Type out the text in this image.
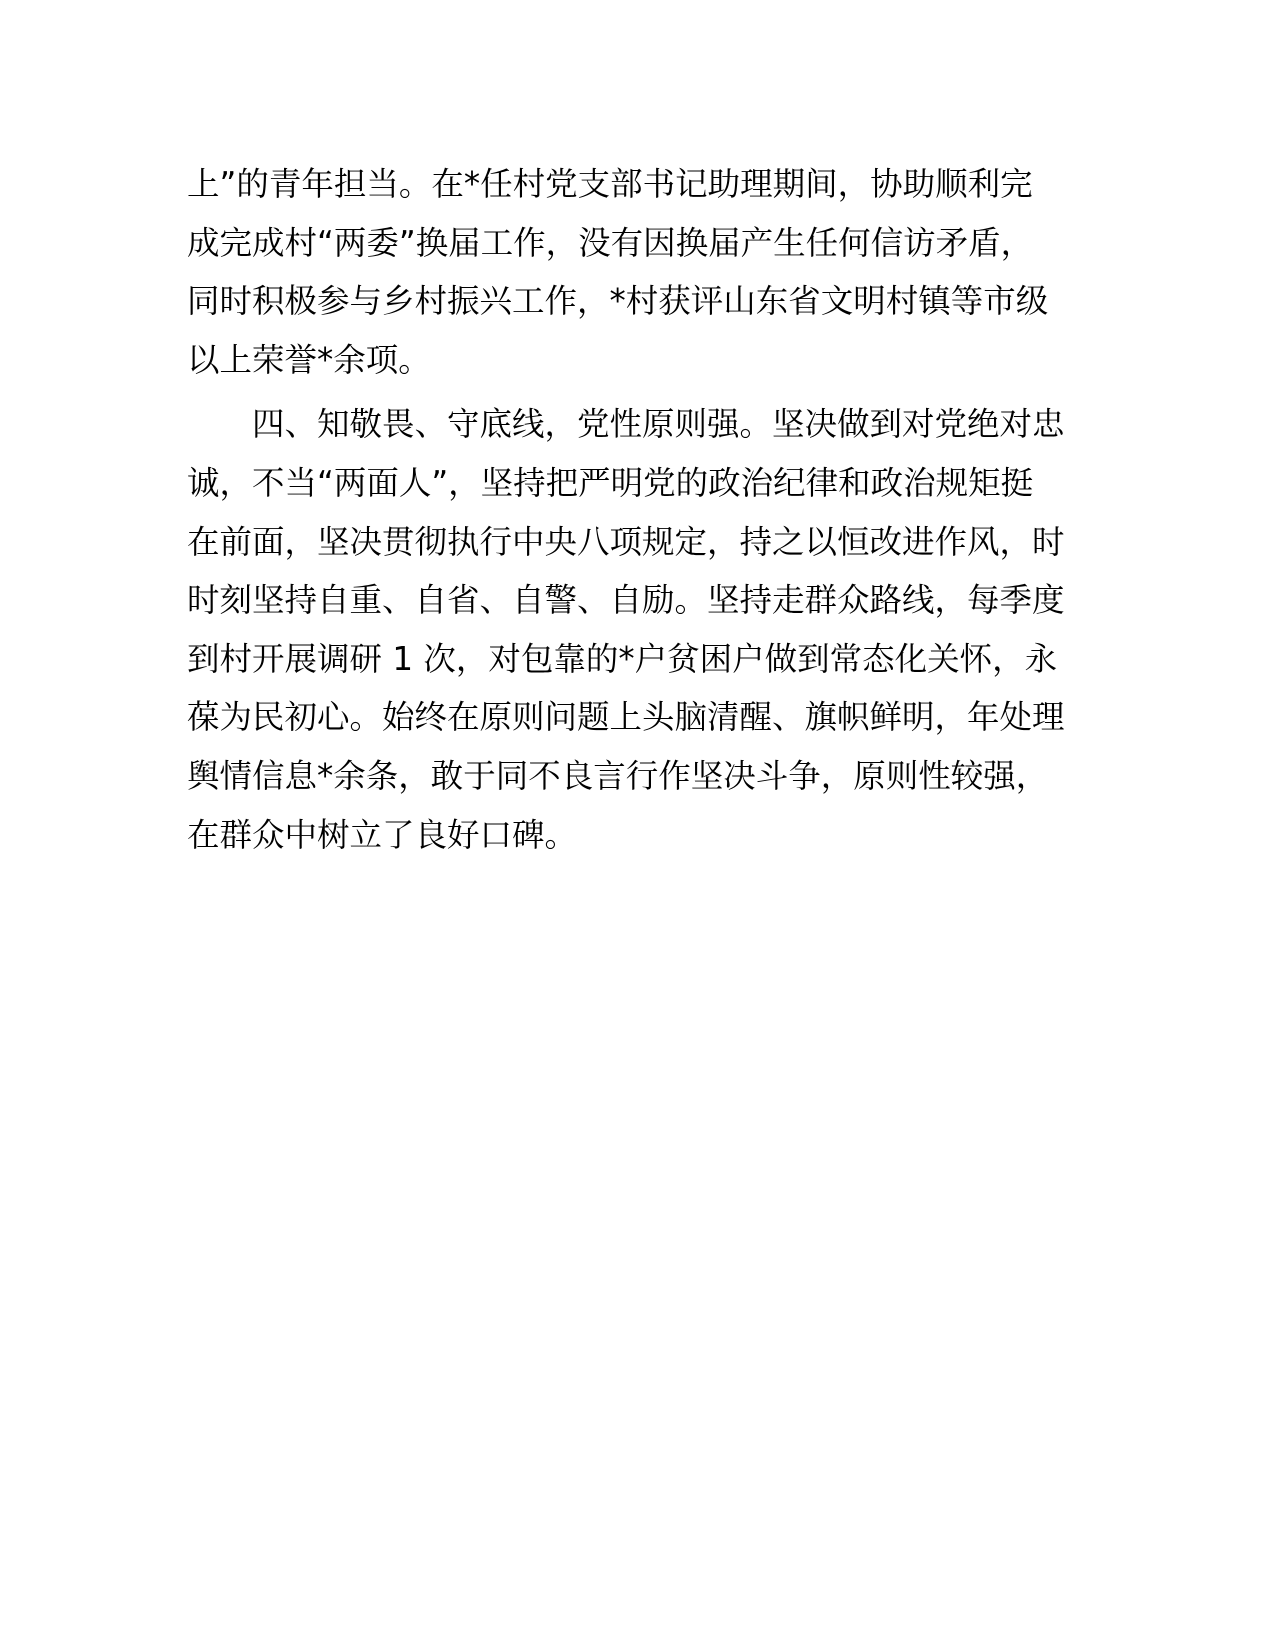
上”的青年担当。在*任村党支部书记助理期间，协助顺利完
成完成村“两委”换届工作，没有因换届产生任何信访矛盾，
同时积极参与乡村振兴工作，*村获评山东省文明村镇等市级
以上荣誉*余项。
四、知敬畏、守底线，党性原则强。坚决做到对党绝对忠
诚，不当“两面人”，坚持把严明党的政治纪律和政治规矩挺
在前面，坚决贯彻执行中央八项规定，持之以恒改进作风，时
时刻坚持自重、自省、自警、自励。坚持走群众路线，每季度
到村开展调研 1 次，对包靠的*户贫困户做到常态化关怀，永
葆为民初心。始终在原则问题上头脑清醒、旗帜鲜明，年处理
舆情信息*余条，敢于同不良言行作坚决斗争，原则性较强，
在群众中树立了良好口碑。
